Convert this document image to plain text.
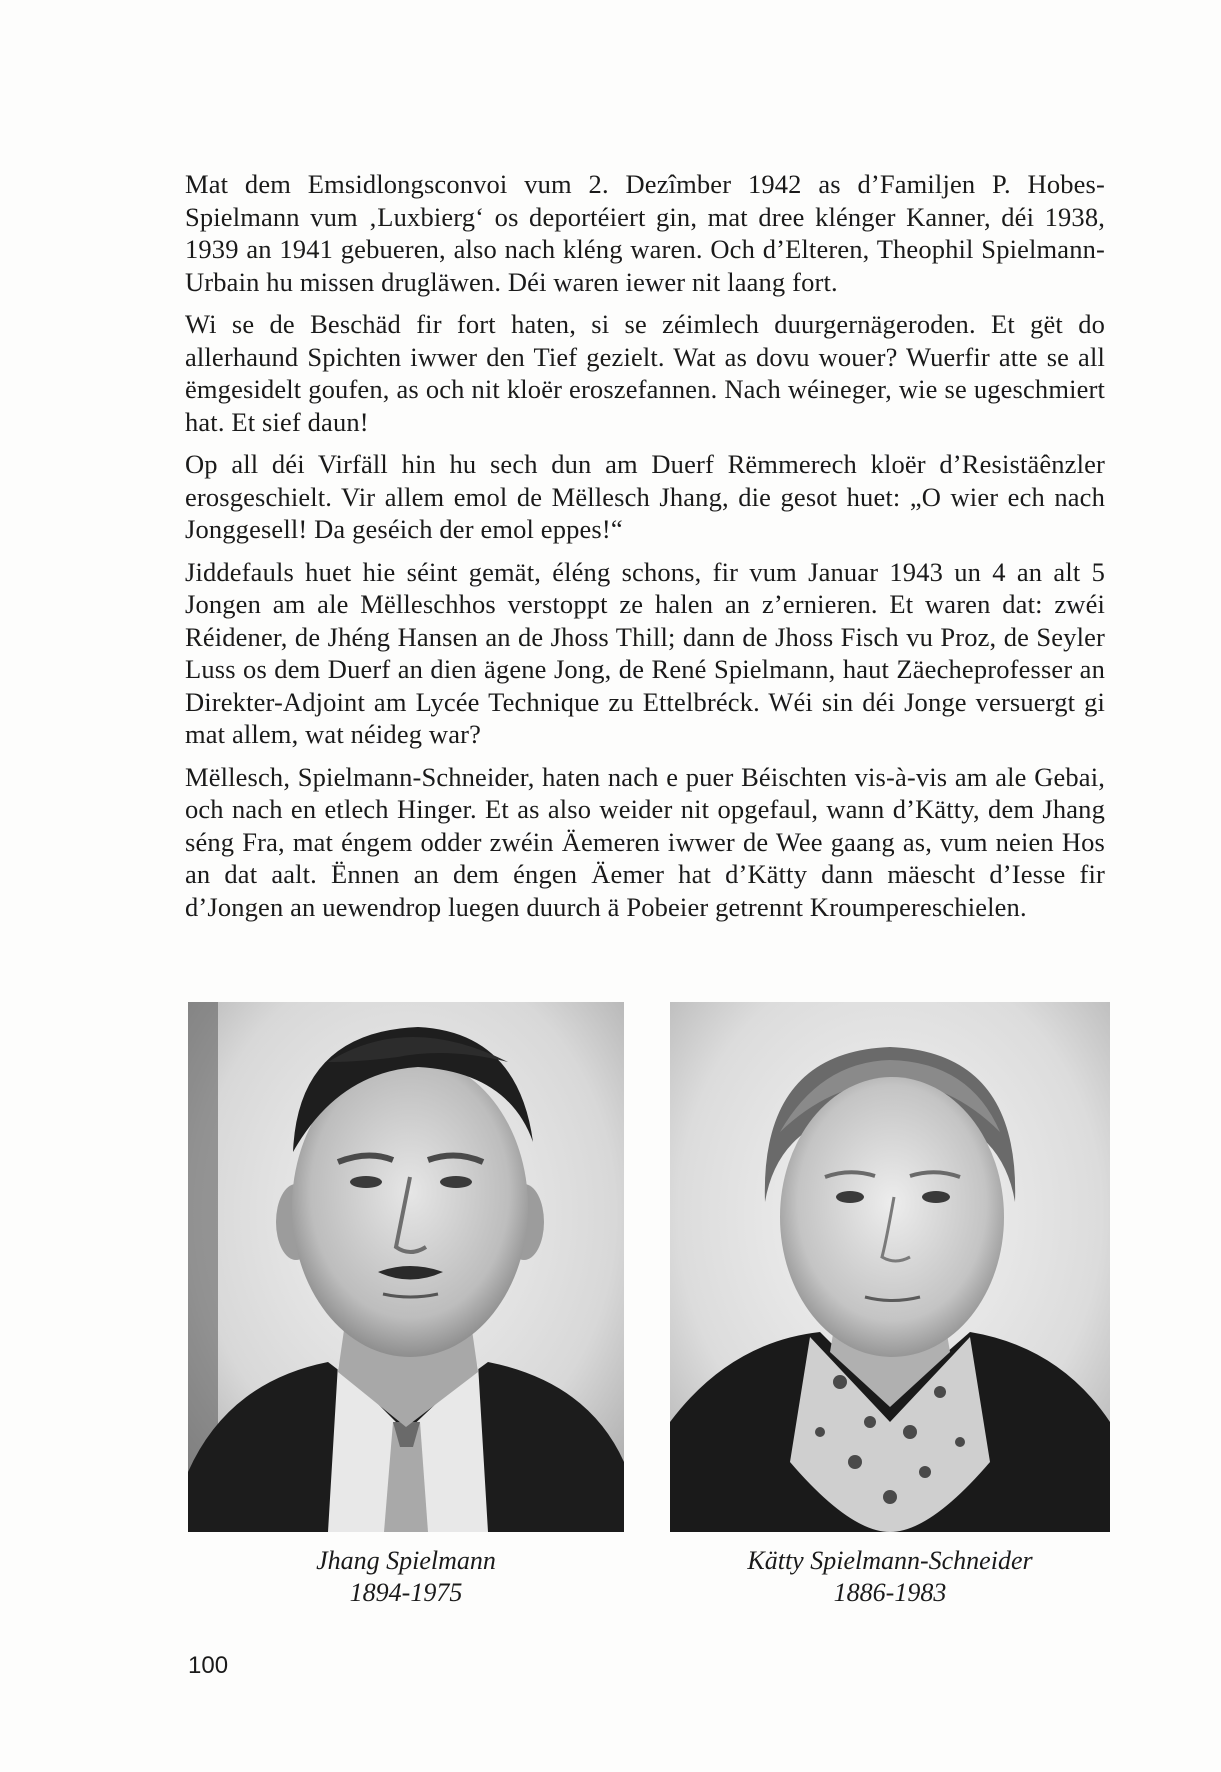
Mat dem Emsidlongsconvoi vum 2. Dezîmber 1942 as d’Familjen P. Hobes-Spielmann vum ‚Luxbierg‘ os deportéiert gin, mat dree klénger Kanner, déi 1938, 1939 an 1941 gebueren, also nach kléng waren. Och d’Elteren, Theophil Spielmann-Urbain hu missen drugläwen. Déi waren iewer nit laang fort.

Wi se de Beschäd fir fort haten, si se zéimlech duurgernägeroden. Et gët do allerhaund Spichten iwwer den Tief gezielt. Wat as dovu wouer? Wuerfir atte se all ëmgesidelt goufen, as och nit kloër eroszefannen. Nach wéineger, wie se ugeschmiert hat. Et sief daun!

Op all déi Virfäll hin hu sech dun am Duerf Rëmmerech kloër d’Resistäênzler erosgeschielt. Vir allem emol de Mëllesch Jhang, die gesot huet: „O wier ech nach Jonggesell! Da geséich der emol eppes!“

Jiddefauls huet hie séint gemät, éléng schons, fir vum Januar 1943 un 4 an alt 5 Jongen am ale Mëlleschhos verstoppt ze halen an z’ernieren. Et waren dat: zwéi Réidener, de Jhéng Hansen an de Jhoss Thill; dann de Jhoss Fisch vu Proz, de Seyler Luss os dem Duerf an dien ägene Jong, de René Spielmann, haut Zäecheprofesser an Direkter-Adjoint am Lycée Technique zu Ettelbréck. Wéi sin déi Jonge versuergt gi mat allem, wat néideg war?

Mëllesch, Spielmann-Schneider, haten nach e puer Béischten vis-à-vis am ale Gebai, och nach en etlech Hinger. Et as also weider nit opgefaul, wann d’Kätty, dem Jhang séng Fra, mat éngem odder zwéin Äemeren iwwer de Wee gaang as, vum neien Hos an dat aalt. Ënnen an dem éngen Äemer hat d’Kätty dann mäescht d’Iesse fir d’Jongen an uewendrop luegen duurch ä Pobeier getrennt Kroumpereschielen.

Jhang Spielmann
1894-1975
Kätty Spielmann-Schneider
1886-1983
100
